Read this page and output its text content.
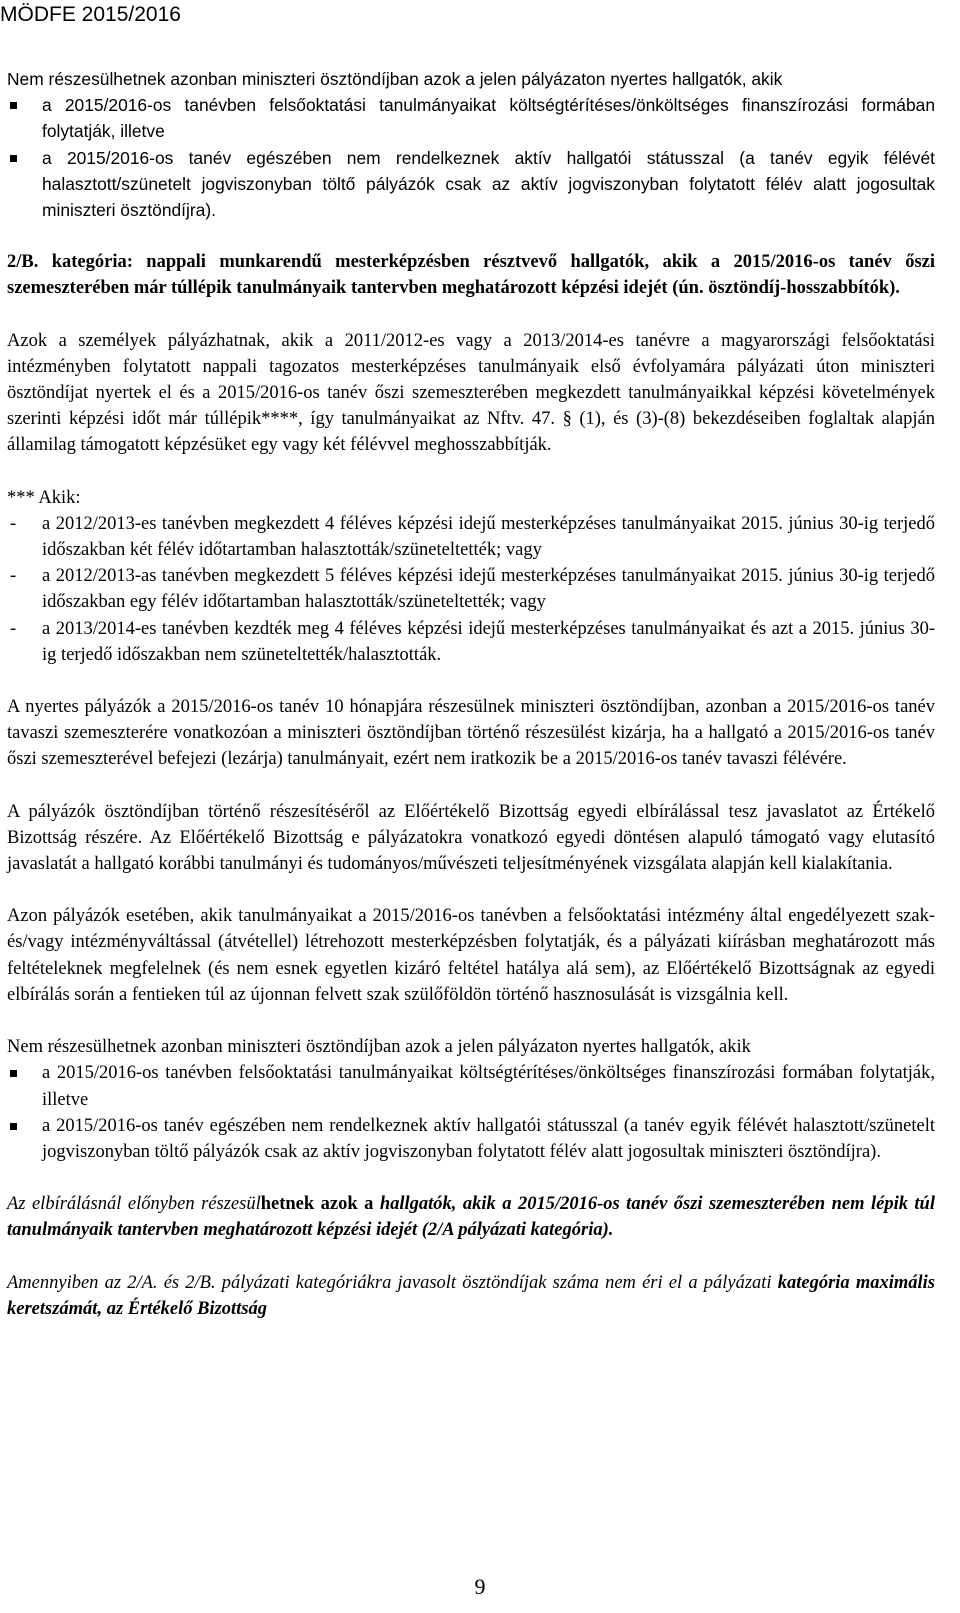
MÖDFE 2015/2016

Nem részesülhetnek azonban miniszteri ösztöndíjban azok a jelen pályázaton nyertes hallgatók, akik

a 2015/2016-os tanévben felsőoktatási tanulmányaikat költségtérítéses/önköltséges finanszírozási formában folytatják, illetve
a 2015/2016-os tanév egészében nem rendelkeznek aktív hallgatói státusszal (a tanév egyik félévét halasztott/szünetelt jogviszonyban töltő pályázók csak az aktív jogviszonyban folytatott félév alatt jogosultak miniszteri ösztöndíjra).

2/B. kategória: nappali munkarendű mesterképzésben résztvevő hallgatók, akik a 2015/2016-os tanév őszi szemeszterében már túllépik tanulmányaik tantervben meghatározott képzési idejét (ún. ösztöndíj-hosszabbítók).

Azok a személyek pályázhatnak, akik a 2011/2012-es vagy a 2013/2014-es tanévre a magyarországi felsőoktatási intézményben folytatott nappali tagozatos mesterképzéses tanulmányaik első évfolyamára pályázati úton miniszteri ösztöndíjat nyertek el és a 2015/2016-os tanév őszi szemeszterében megkezdett tanulmányaikkal képzési követelmények szerinti képzési időt már túllépik****, így tanulmányaikat az Nftv. 47. § (1), és (3)-(8) bekezdéseiben foglaltak alapján államilag támogatott képzésüket egy vagy két félévvel meghosszabbítják.

*** Akik:

- a 2012/2013-es tanévben megkezdett 4 féléves képzési idejű mesterképzéses tanulmányaikat 2015. június 30-ig terjedő időszakban két félév időtartamban halasztották/szüneteltették; vagy
- a 2012/2013-as tanévben megkezdett 5 féléves képzési idejű mesterképzéses tanulmányaikat 2015. június 30-ig terjedő időszakban egy félév időtartamban halasztották/szüneteltették; vagy
- a 2013/2014-es tanévben kezdték meg 4 féléves képzési idejű mesterképzéses tanulmányaikat és azt a 2015. június 30-ig terjedő időszakban nem szüneteltették/halasztották.

A nyertes pályázók a 2015/2016-os tanév 10 hónapjára részesülnek miniszteri ösztöndíjban, azonban a 2015/2016-os tanév tavaszi szemeszterére vonatkozóan a miniszteri ösztöndíjban történő részesülést kizárja, ha a hallgató a 2015/2016-os tanév őszi szemeszterével befejezi (lezárja) tanulmányait, ezért nem iratkozik be a 2015/2016-os tanév tavaszi félévére.

A pályázók ösztöndíjban történő részesítéséről az Előértékelő Bizottság egyedi elbírálással tesz javaslatot az Értékelő Bizottság részére. Az Előértékelő Bizottság e pályázatokra vonatkozó egyedi döntésen alapuló támogató vagy elutasító javaslatát a hallgató korábbi tanulmányi és tudományos/művészeti teljesítményének vizsgálata alapján kell kialakítania.

Azon pályázók esetében, akik tanulmányaikat a 2015/2016-os tanévben a felsőoktatási intézmény által engedélyezett szak- és/vagy intézményváltással (átvétellel) létrehozott mesterképzésben folytatják, és a pályázati kiírásban meghatározott más feltételeknek megfelelnek (és nem esnek egyetlen kizáró feltétel hatálya alá sem), az Előértékelő Bizottságnak az egyedi elbírálás során a fentieken túl az újonnan felvett szak szülőföldön történő hasznosulását is vizsgálnia kell.

Nem részesülhetnek azonban miniszteri ösztöndíjban azok a jelen pályázaton nyertes hallgatók, akik

a 2015/2016-os tanévben felsőoktatási tanulmányaikat költségtérítéses/önköltséges finanszírozási formában folytatják, illetve
a 2015/2016-os tanév egészében nem rendelkeznek aktív hallgatói státusszal (a tanév egyik félévét halasztott/szünetelt jogviszonyban töltő pályázók csak az aktív jogviszonyban folytatott félév alatt jogosultak miniszteri ösztöndíjra).

Az elbírálásnál előnyben részesülhetnek azok a hallgatók, akik a 2015/2016-os tanév őszi szemeszterében nem lépik túl tanulmányaik tantervben meghatározott képzési idejét (2/A pályázati kategória).

Amennyiben az 2/A. és 2/B. pályázati kategóriákra javasolt ösztöndíjak száma nem éri el a pályázati kategória maximális keretszámát, az Értékelő Bizottság

9
